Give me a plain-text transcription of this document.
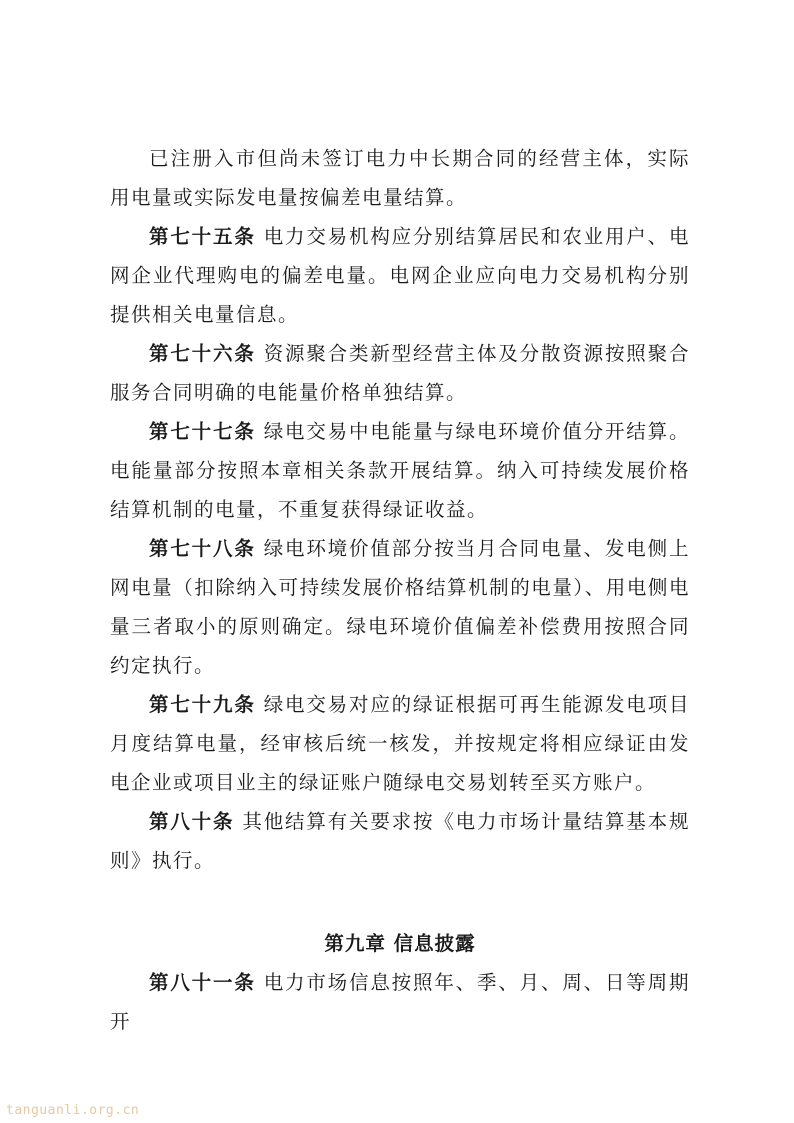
已注册入市但尚未签订电力中长期合同的经营主体，实际用电量或实际发电量按偏差电量结算。

第七十五条 电力交易机构应分别结算居民和农业用户、电网企业代理购电的偏差电量。电网企业应向电力交易机构分别提供相关电量信息。

第七十六条 资源聚合类新型经营主体及分散资源按照聚合服务合同明确的电能量价格单独结算。

第七十七条 绿电交易中电能量与绿电环境价值分开结算。电能量部分按照本章相关条款开展结算。纳入可持续发展价格结算机制的电量，不重复获得绿证收益。

第七十八条 绿电环境价值部分按当月合同电量、发电侧上网电量（扣除纳入可持续发展价格结算机制的电量）、用电侧电量三者取小的原则确定。绿电环境价值偏差补偿费用按照合同约定执行。

第七十九条 绿电交易对应的绿证根据可再生能源发电项目月度结算电量，经审核后统一核发，并按规定将相应绿证由发电企业或项目业主的绿证账户随绿电交易划转至买方账户。

第八十条 其他结算有关要求按《电力市场计量结算基本规则》执行。

第九章 信息披露

第八十一条 电力市场信息按照年、季、月、周、日等周期开

tanguanli.org.cn
